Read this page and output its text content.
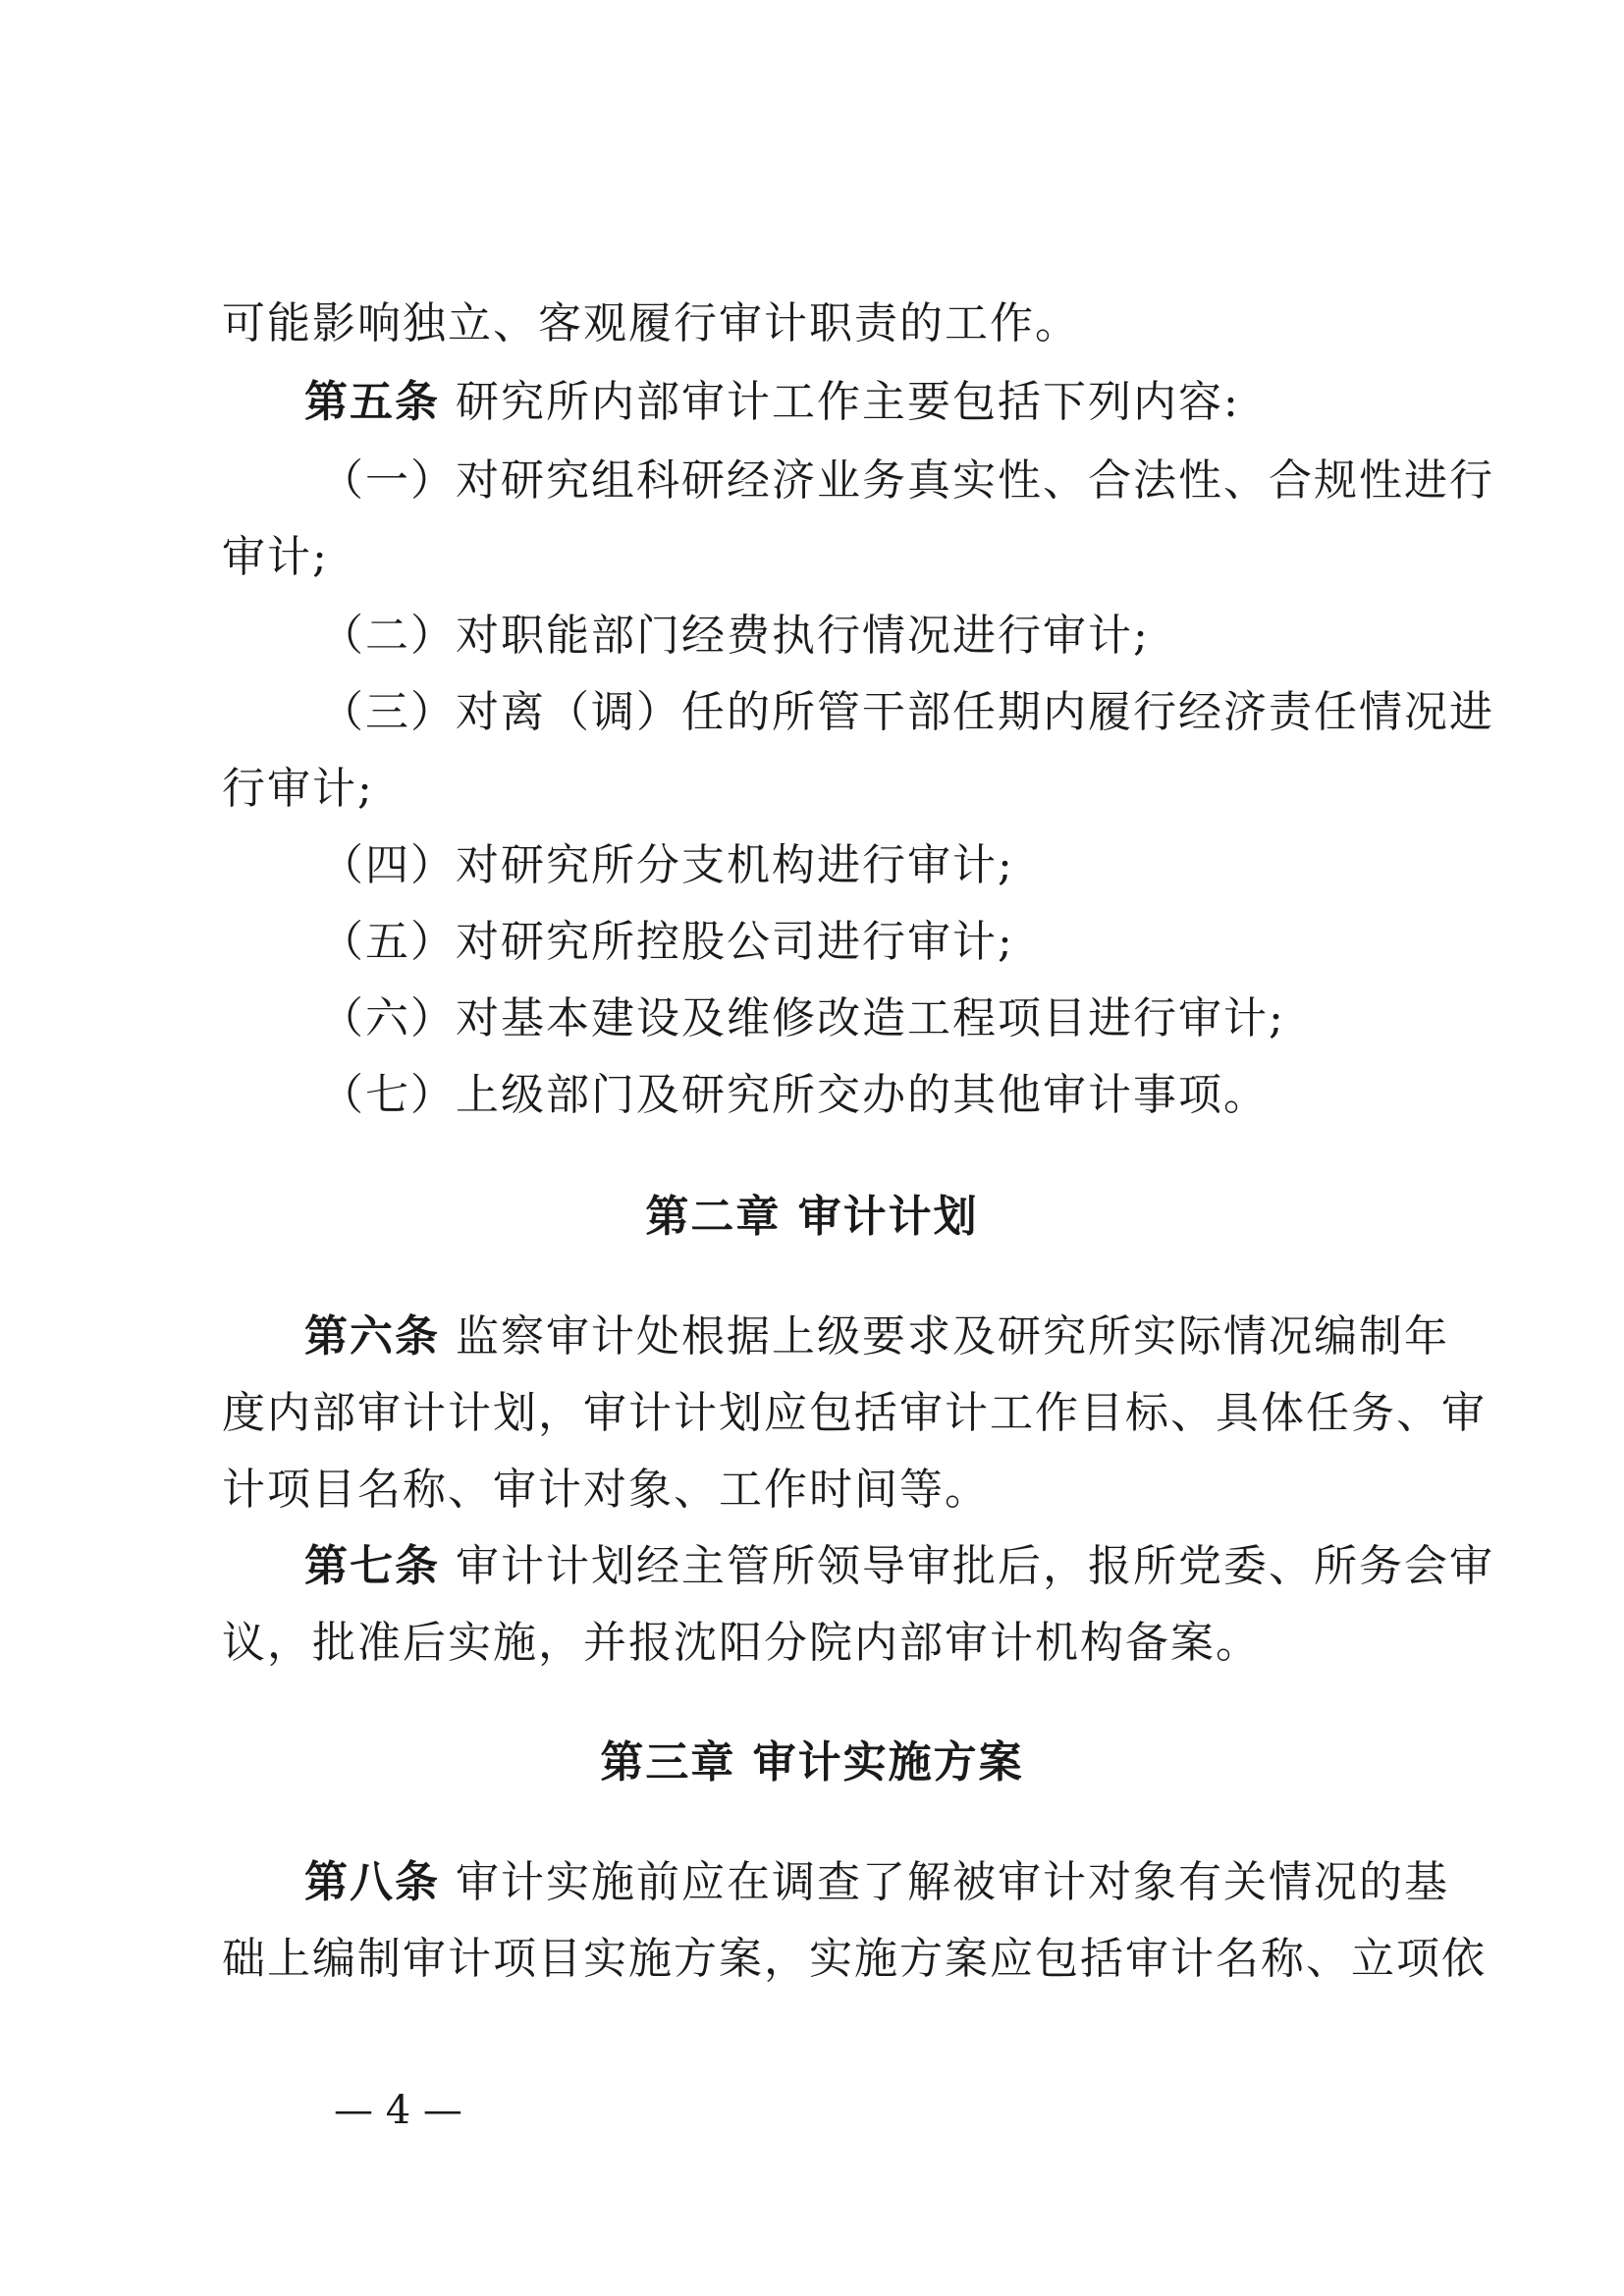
可能影响独立、客观履行审计职责的工作。
第五条 研究所内部审计工作主要包括下列内容:
（一）对研究组科研经济业务真实性、合法性、合规性进行
审计;
（二）对职能部门经费执行情况进行审计;
（三）对离（调）任的所管干部任期内履行经济责任情况进
行审计;
（四）对研究所分支机构进行审计;
（五）对研究所控股公司进行审计;
（六）对基本建设及维修改造工程项目进行审计;
（七）上级部门及研究所交办的其他审计事项。
第二章 审计计划
第六条 监察审计处根据上级要求及研究所实际情况编制年
度内部审计计划，审计计划应包括审计工作目标、具体任务、审
计项目名称、审计对象、工作时间等。
第七条 审计计划经主管所领导审批后，报所党委、所务会审
议，批准后实施，并报沈阳分院内部审计机构备案。
第三章 审计实施方案
第八条 审计实施前应在调查了解被审计对象有关情况的基
础上编制审计项目实施方案，实施方案应包括审计名称、立项依
— 4 —
